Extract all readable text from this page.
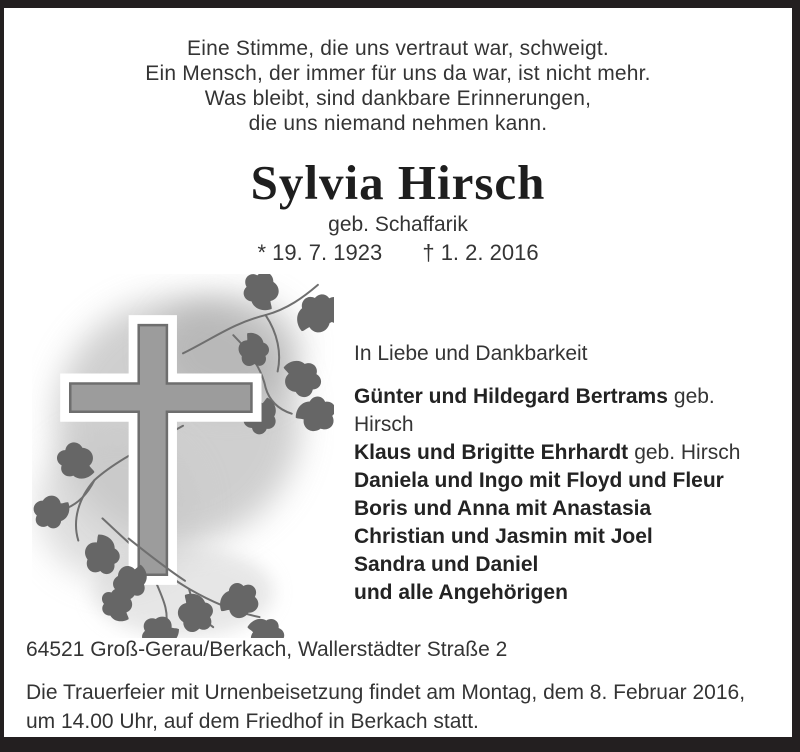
Eine Stimme, die uns vertraut war, schweigt.
Ein Mensch, der immer für uns da war, ist nicht mehr.
Was bleibt, sind dankbare Erinnerungen,
die uns niemand nehmen kann.
Sylvia Hirsch
geb. Schaffarik
* 19. 7. 1923 † 1. 2. 2016

In Liebe und Dankbarkeit

Günter und Hildegard Bertrams geb. Hirsch
Klaus und Brigitte Ehrhardt geb. Hirsch
Daniela und Ingo mit Floyd und Fleur
Boris und Anna mit Anastasia
Christian und Jasmin mit Joel
Sandra und Daniel
und alle Angehörigen
64521 Groß-Gerau/Berkach, Wallerstädter Straße 2
Die Trauerfeier mit Urnenbeisetzung findet am Montag, dem 8. Februar 2016,
um 14.00 Uhr, auf dem Friedhof in Berkach statt.
